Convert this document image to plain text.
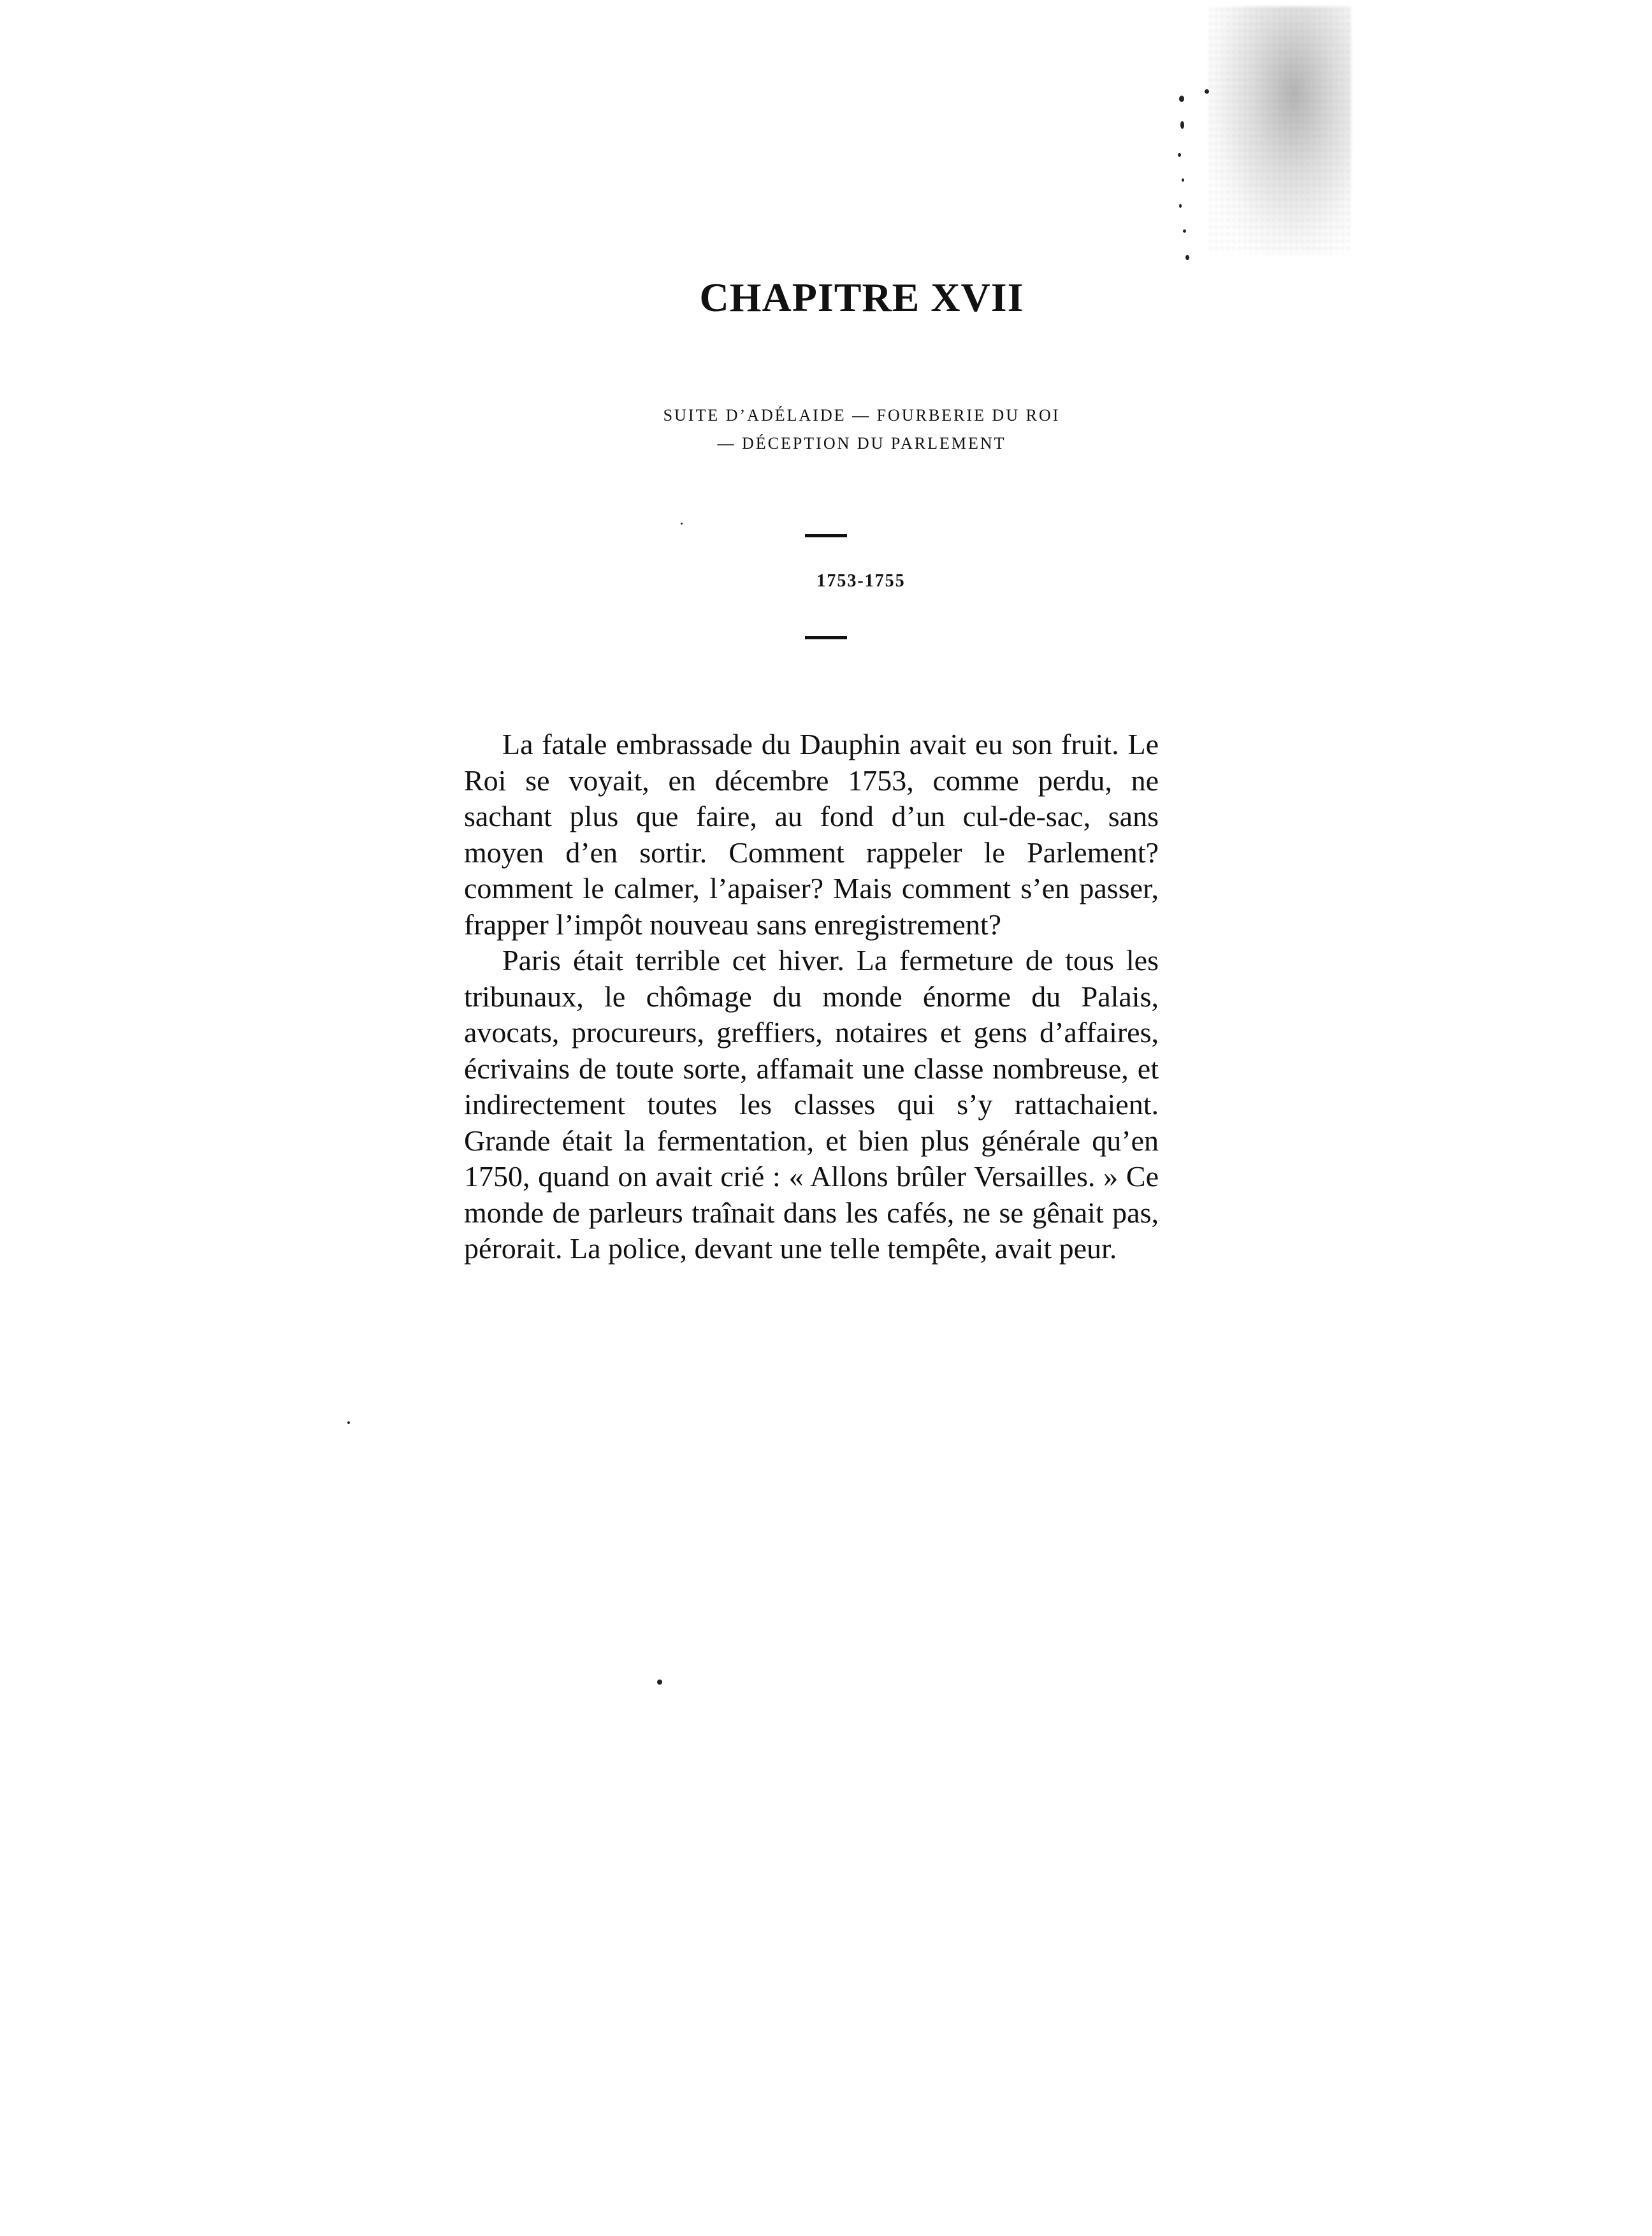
CHAPITRE XVII
SUITE D’ADÉLAIDE — FOURBERIE DU ROI
— DÉCEPTION DU PARLEMENT
1753-1755

La fatale embrassade du Dauphin avait eu son fruit. Le Roi se voyait, en décembre 1753, comme perdu, ne sachant plus que faire, au fond d’un cul-de-sac, sans moyen d’en sortir. Comment rappeler le Parlement? comment le calmer, l’apaiser? Mais comment s’en passer, frapper l’impôt nouveau sans enregistrement?

Paris était terrible cet hiver. La fermeture de tous les tribunaux, le chômage du monde énorme du Palais, avocats, procureurs, greffiers, notaires et gens d’affaires, écrivains de toute sorte, affamait une classe nombreuse, et indirectement toutes les classes qui s’y rattachaient. Grande était la fermentation, et bien plus générale qu’en 1750, quand on avait crié : « Allons brûler Versailles. » Ce monde de parleurs traînait dans les cafés, ne se gênait pas, pérorait. La police, devant une telle tempête, avait peur.
